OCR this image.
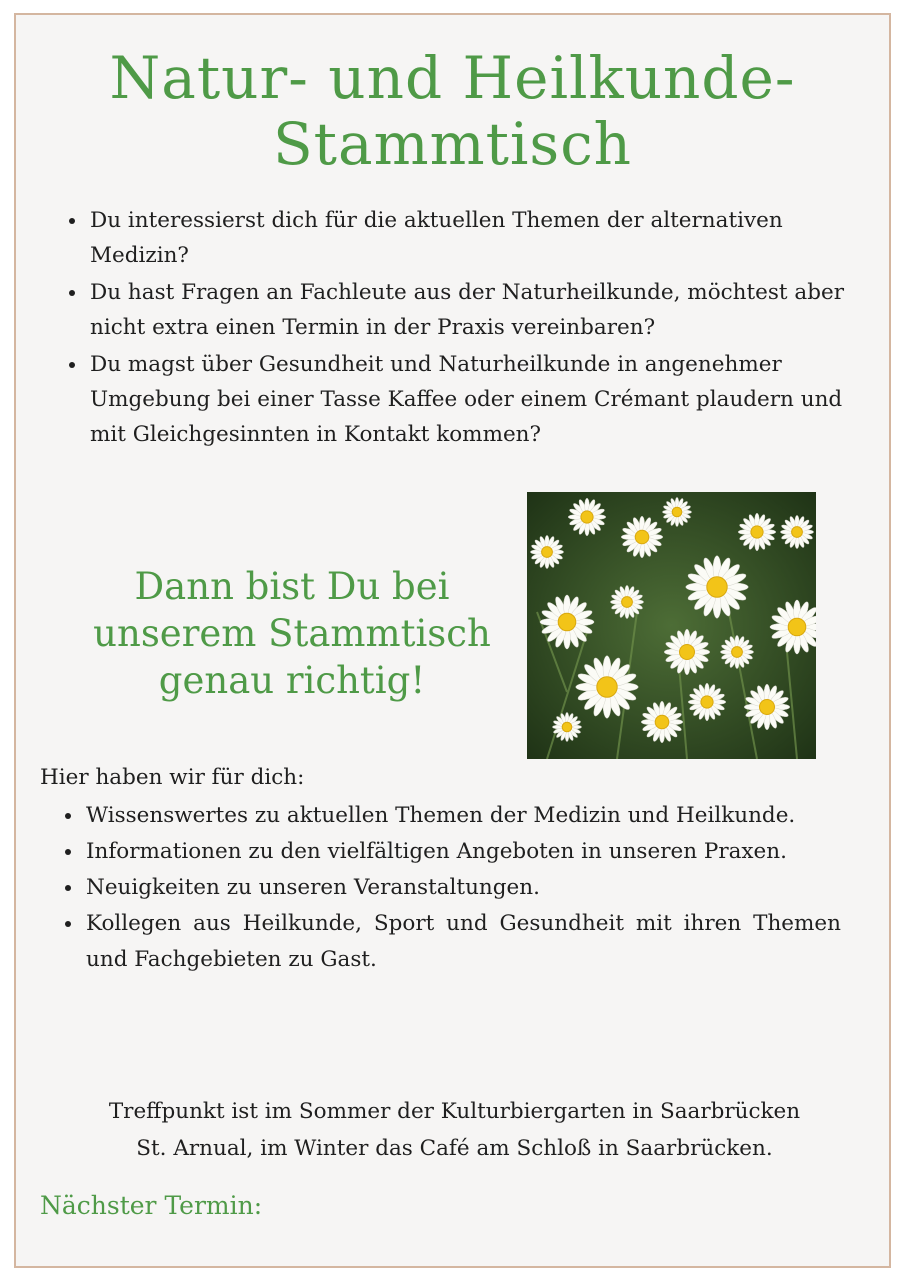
Natur- und Heilkunde-
Stammtisch
• Du interessierst dich für die aktuellen Themen der alternativen Medizin?
• Du hast Fragen an Fachleute aus der Naturheilkunde, möchtest aber nicht extra einen Termin in der Praxis vereinbaren?
• Du magst über Gesundheit und Naturheilkunde in angenehmer Umgebung bei einer Tasse Kaffee oder einem Crémant plaudern und mit Gleichgesinnten in Kontakt kommen?
Dann bist Du bei
unserem Stammtisch
genau richtig!
Hier haben wir für dich:
• Wissenswertes zu aktuellen Themen der Medizin und Heilkunde.
• Informationen zu den vielfältigen Angeboten in unseren Praxen.
• Neuigkeiten zu unseren Veranstaltungen.
• Kollegen aus Heilkunde, Sport und Gesundheit mit ihren Themen und Fachgebieten zu Gast.
Treffpunkt ist im Sommer der Kulturbiergarten in Saarbrücken
St. Arnual, im Winter das Café am Schloß in Saarbrücken.
Nächster Termin:
